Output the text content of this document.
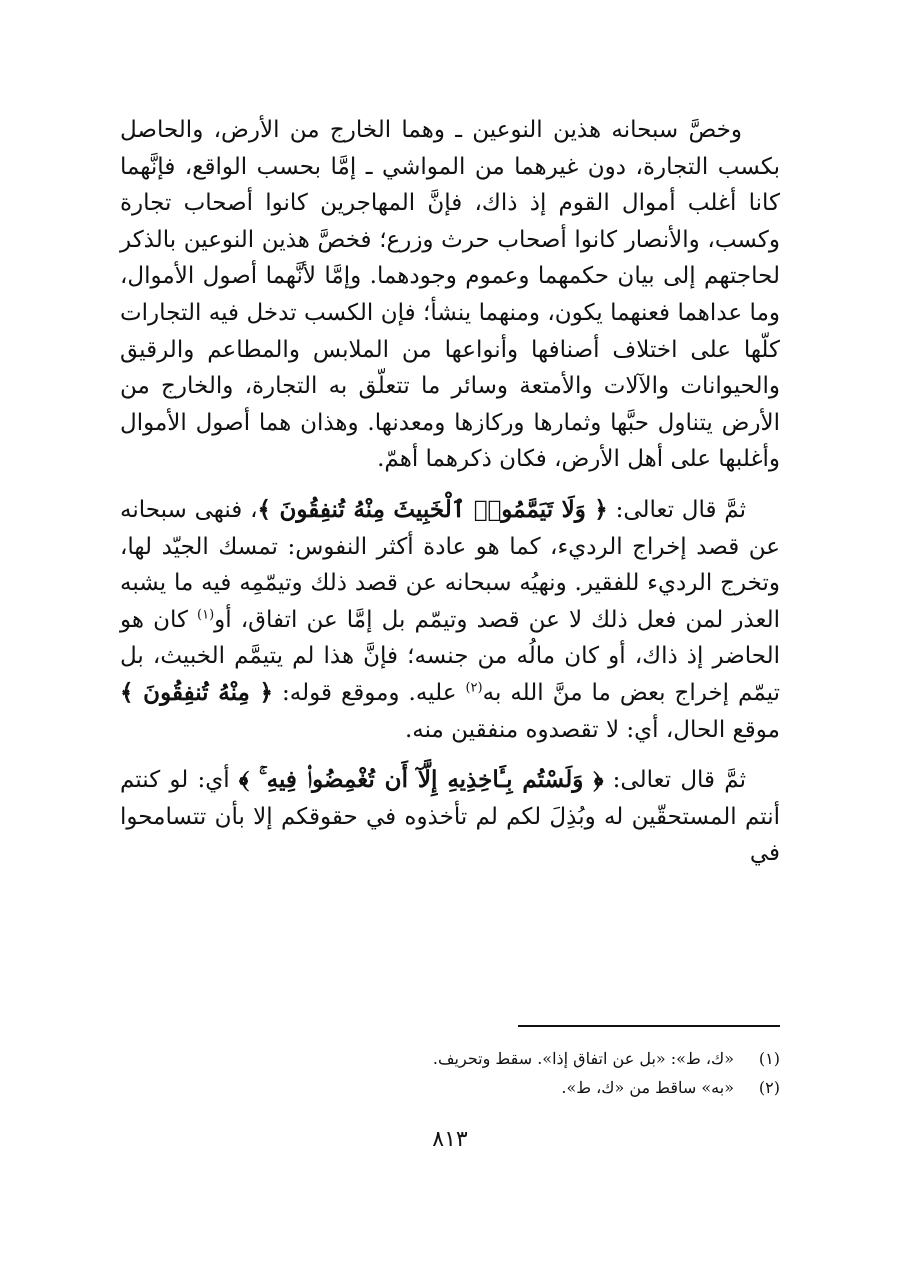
وخصَّ سبحانه هذين النوعين ـ وهما الخارج من الأرض، والحاصل بكسب التجارة، دون غيرهما من المواشي ـ إمَّا بحسب الواقع، فإنَّهما كانا أغلب أموال القوم إذ ذاك، فإنَّ المهاجرين كانوا أصحاب تجارة وكسب، والأنصار كانوا أصحاب حرث وزرع؛ فخصَّ هذين النوعين بالذكر لحاجتهم إلى بيان حكمهما وعموم وجودهما. وإمَّا لأنَّهما أصول الأموال، وما عداهما فعنهما يكون، ومنهما ينشأ؛ فإن الكسب تدخل فيه التجارات كلّها على اختلاف أصنافها وأنواعها من الملابس والمطاعم والرقيق والحيوانات والآلات والأمتعة وسائر ما تتعلّق به التجارة، والخارج من الأرض يتناول حبَّها وثمارها وركازها ومعدنها. وهذان هما أصول الأموال وأغلبها على أهل الأرض، فكان ذكرهما أهمّ.

ثمَّ قال تعالى: ﴿ وَلَا تَيَمَّمُوا۟ ٱلْخَبِيثَ مِنْهُ تُنفِقُونَ ﴾، فنهى سبحانه عن قصد إخراج الرديء، كما هو عادة أكثر النفوس: تمسك الجيّد لها، وتخرج الرديء للفقير. ونهيُه سبحانه عن قصد ذلك وتيمّمِه فيه ما يشبه العذر لمن فعل ذلك لا عن قصد وتيمّم بل إمَّا عن اتفاق، أو$^{(١)}$ كان هو الحاضر إذ ذاك، أو كان مالُه من جنسه؛ فإنَّ هذا لم يتيمَّم الخبيث، بل تيمّم إخراج بعض ما منَّ الله به$^{(٢)}$ عليه. وموقع قوله: ﴿ مِنْهُ تُنفِقُونَ ﴾ موقع الحال، أي: لا تقصدوه منفقين منه.

ثمَّ قال تعالى: ﴿ وَلَسْتُم بِـَٔاخِذِيهِ إِلَّآ أَن تُغْمِضُوا۟ فِيهِ ۚ ﴾ أي: لو كنتم أنتم المستحقّين له وبُذِلَ لكم لم تأخذوه في حقوقكم إلا بأن تتسامحوا في

(١)«ك، ط»: «بل عن اتفاق إذا». سقط وتحريف.

(٢)«به» ساقط من «ك، ط».

٨١٣
